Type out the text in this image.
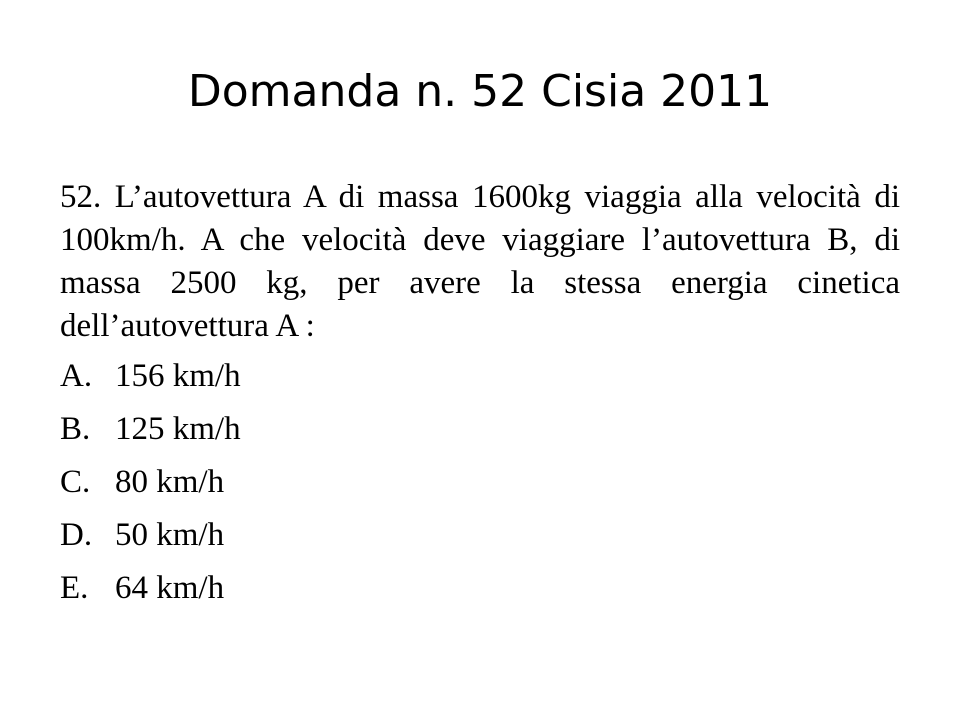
Domanda n. 52 Cisia 2011

52. L’autovettura A di massa 1600kg viaggia alla velocità di 100km/h. A che velocità deve viaggiare l’autovettura B, di massa 2500 kg, per avere la stessa energia cinetica dell’autovettura A :

A. 156 km/h
B. 125 km/h
C. 80 km/h
D. 50 km/h
E. 64 km/h
